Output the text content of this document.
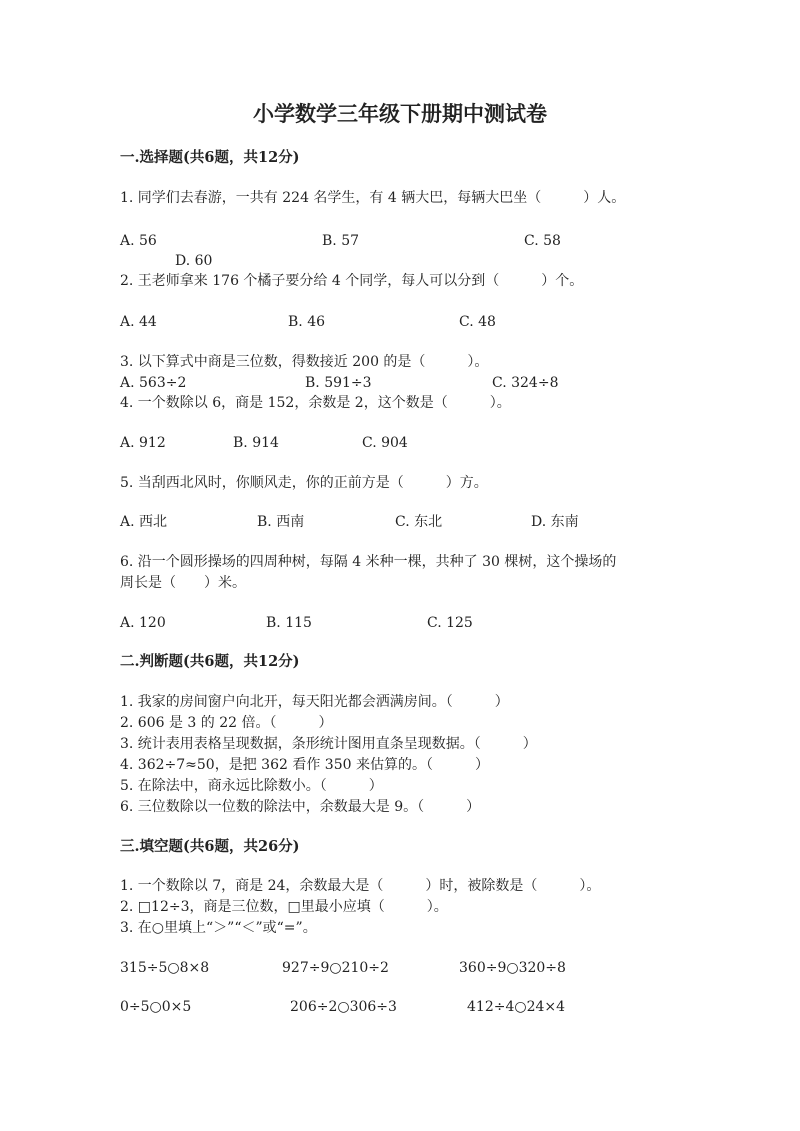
小学数学三年级下册期中测试卷
一.选择题(共6题，共12分)
1. 同学们去春游，一共有 224 名学生，有 4 辆大巴，每辆大巴坐（　　　）人。
A. 56	B. 57	C. 58
D. 60
2. 王老师拿来 176 个橘子要分给 4 个同学，每人可以分到（　　　）个。
A. 44	B. 46	C. 48
3. 以下算式中商是三位数，得数接近 200 的是（　　　）。
A. 563÷2	B. 591÷3	C. 324÷8
4. 一个数除以 6，商是 152，余数是 2，这个数是（　　　）。
A. 912	B. 914	C. 904
5. 当刮西北风时，你顺风走，你的正前方是（　　　）方。
A. 西北	B. 西南	C. 东北	D. 东南
6. 沿一个圆形操场的四周种树，每隔 4 米种一棵，共种了 30 棵树，这个操场的
周长是（　　）米。
A. 120	B. 115	C. 125
二.判断题(共6题，共12分)
1. 我家的房间窗户向北开，每天阳光都会洒满房间。（　　　）
2. 606 是 3 的 22 倍。（　　　）
3. 统计表用表格呈现数据，条形统计图用直条呈现数据。（　　　）
4. 362÷7≈50，是把 362 看作 350 来估算的。（　　　）
5. 在除法中，商永远比除数小。（　　　）
6. 三位数除以一位数的除法中，余数最大是 9。（　　　）
三.填空题(共6题，共26分)
1. 一个数除以 7，商是 24，余数最大是（　　　）时，被除数是（　　　）。
2. □12÷3，商是三位数，□里最小应填（　　　）。
3. 在○里填上“＞”“＜”或“=”。
315÷5○8×8	927÷9○210÷2	360÷9○320÷8
0÷5○0×5	206÷2○306÷3	412÷4○24×4
